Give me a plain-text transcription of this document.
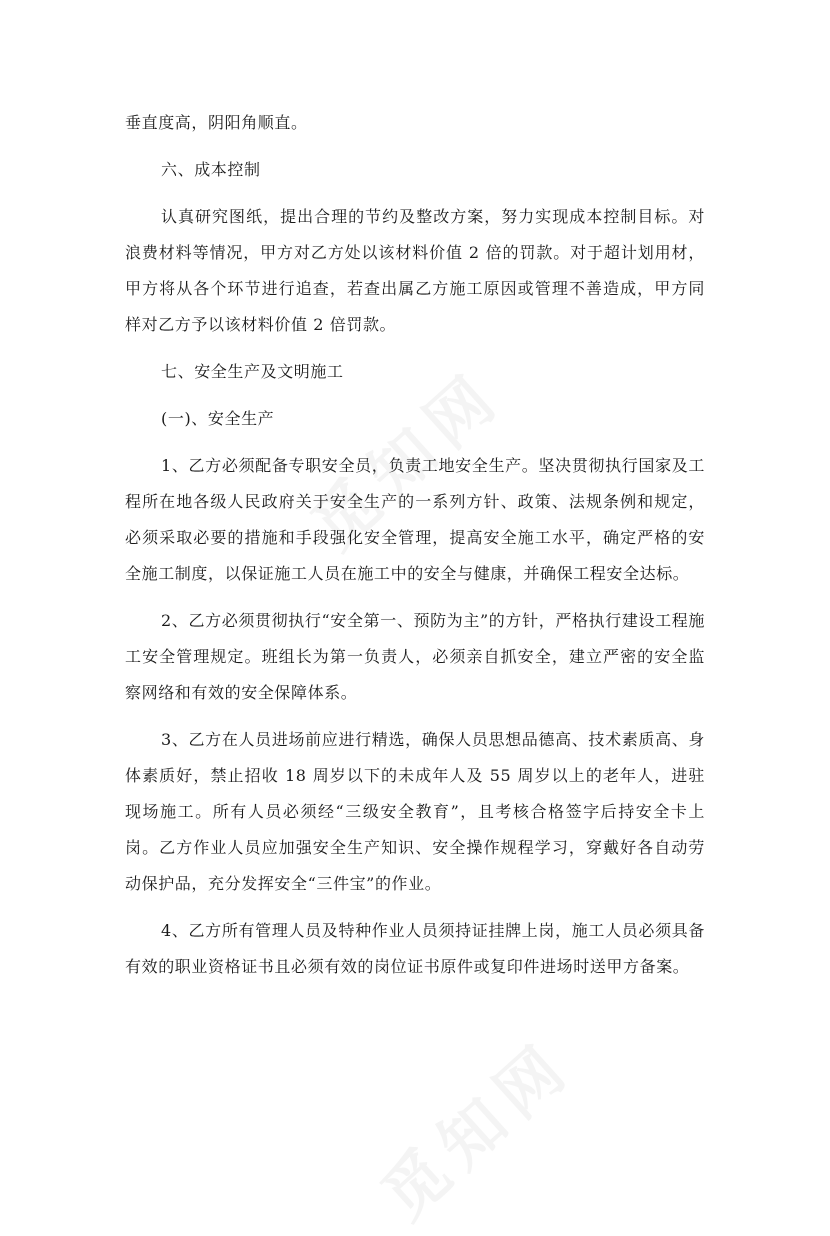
垂直度高，阴阳角顺直。

六、成本控制

认真研究图纸，提出合理的节约及整改方案，努力实现成本控制目标。对浪费材料等情况，甲方对乙方处以该材料价值 2 倍的罚款。对于超计划用材，甲方将从各个环节进行追查，若查出属乙方施工原因或管理不善造成，甲方同样对乙方予以该材料价值 2 倍罚款。

七、安全生产及文明施工

(一)、安全生产

1、乙方必须配备专职安全员，负责工地安全生产。坚决贯彻执行国家及工程所在地各级人民政府关于安全生产的一系列方针、政策、法规条例和规定，必须采取必要的措施和手段强化安全管理，提高安全施工水平，确定严格的安全施工制度，以保证施工人员在施工中的安全与健康，并确保工程安全达标。

2、乙方必须贯彻执行“安全第一、预防为主”的方针，严格执行建设工程施工安全管理规定。班组长为第一负责人，必须亲自抓安全，建立严密的安全监察网络和有效的安全保障体系。

3、乙方在人员进场前应进行精选，确保人员思想品德高、技术素质高、身体素质好，禁止招收 18 周岁以下的未成年人及 55 周岁以上的老年人，进驻现场施工。所有人员必须经“三级安全教育”，且考核合格签字后持安全卡上岗。乙方作业人员应加强安全生产知识、安全操作规程学习，穿戴好各自动劳动保护品，充分发挥安全“三件宝”的作业。

4、乙方所有管理人员及特种作业人员须持证挂牌上岗，施工人员必须具备有效的职业资格证书且必须有效的岗位证书原件或复印件进场时送甲方备案。
